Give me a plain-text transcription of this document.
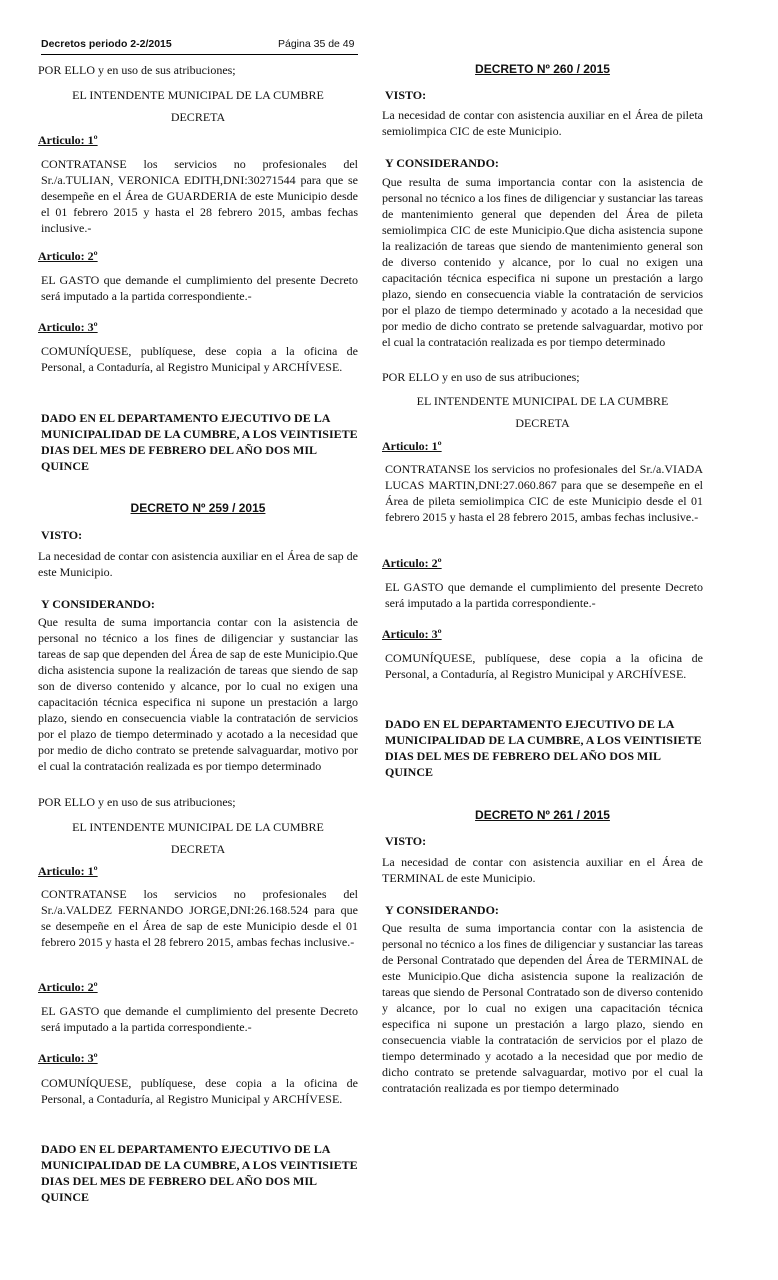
Decretos periodo 2-2/2015	Página 35 de 49
POR ELLO y en uso de sus atribuciones;
EL INTENDENTE MUNICIPAL DE LA CUMBRE
DECRETA
Articulo: 1º
CONTRATANSE los servicios no profesionales del Sr./a.TULIAN, VERONICA EDITH,DNI:30271544 para que se desempeñe en el Área de GUARDERIA de este Municipio desde el 01 febrero 2015 y hasta el 28 febrero 2015, ambas fechas inclusive.-
Articulo: 2º
EL GASTO que demande el cumplimiento del presente Decreto será imputado a la partida correspondiente.-
Articulo: 3º
COMUNÍQUESE, publíquese, dese copia a la oficina de Personal, a Contaduría, al Registro Municipal y ARCHÍVESE.
DADO EN EL DEPARTAMENTO EJECUTIVO DE LA MUNICIPALIDAD DE LA CUMBRE, A LOS VEINTISIETE DIAS DEL MES DE FEBRERO DEL AÑO DOS MIL QUINCE
DECRETO Nº 259 / 2015
VISTO:
La necesidad de contar con asistencia auxiliar en el Área de sap de este Municipio.
Y CONSIDERANDO:
Que resulta de suma importancia contar con la asistencia de personal no técnico a los fines de diligenciar y sustanciar las tareas de sap que dependen del Área de sap de este Municipio.Que dicha asistencia supone la realización de tareas que siendo de sap son de diverso contenido y alcance, por lo cual no exigen una capacitación técnica especifica ni supone un prestación a largo plazo, siendo en consecuencia viable la contratación de servicios por el plazo de tiempo determinado y acotado a la necesidad que por medio de dicho contrato se pretende salvaguardar, motivo por el cual la contratación realizada es por tiempo determinado
POR ELLO y en uso de sus atribuciones;
EL INTENDENTE MUNICIPAL DE LA CUMBRE
DECRETA
Articulo: 1º
CONTRATANSE los servicios no profesionales del Sr./a.VALDEZ FERNANDO JORGE,DNI:26.168.524 para que se desempeñe en el Área de sap de este Municipio desde el 01 febrero 2015 y hasta el 28 febrero 2015, ambas fechas inclusive.-
Articulo: 2º
EL GASTO que demande el cumplimiento del presente Decreto será imputado a la partida correspondiente.-
Articulo: 3º
COMUNÍQUESE, publíquese, dese copia a la oficina de Personal, a Contaduría, al Registro Municipal y ARCHÍVESE.
DADO EN EL DEPARTAMENTO EJECUTIVO DE LA MUNICIPALIDAD DE LA CUMBRE, A LOS VEINTISIETE DIAS DEL MES DE FEBRERO DEL AÑO DOS MIL QUINCE
DECRETO Nº 260 / 2015
VISTO:
La necesidad de contar con asistencia auxiliar en el Área de pileta semiolimpica CIC de este Municipio.
Y CONSIDERANDO:
Que resulta de suma importancia contar con la asistencia de personal no técnico a los fines de diligenciar y sustanciar las tareas de mantenimiento general que dependen del Área de pileta semiolimpica CIC de este Municipio.Que dicha asistencia supone la realización de tareas que siendo de mantenimiento general son de diverso contenido y alcance, por lo cual no exigen una capacitación técnica especifica ni supone un prestación a largo plazo, siendo en consecuencia viable la contratación de servicios por el plazo de tiempo determinado y acotado a la necesidad que por medio de dicho contrato se pretende salvaguardar, motivo por el cual la contratación realizada es por tiempo determinado
POR ELLO y en uso de sus atribuciones;
EL INTENDENTE MUNICIPAL DE LA CUMBRE
DECRETA
Articulo: 1º
CONTRATANSE los servicios no profesionales del Sr./a.VIADA LUCAS MARTIN,DNI:27.060.867 para que se desempeñe en el Área de pileta semiolimpica CIC de este Municipio desde el 01 febrero 2015 y hasta el 28 febrero 2015, ambas fechas inclusive.-
Articulo: 2º
EL GASTO que demande el cumplimiento del presente Decreto será imputado a la partida correspondiente.-
Articulo: 3º
COMUNÍQUESE, publíquese, dese copia a la oficina de Personal, a Contaduría, al Registro Municipal y ARCHÍVESE.
DADO EN EL DEPARTAMENTO EJECUTIVO DE LA MUNICIPALIDAD DE LA CUMBRE, A LOS VEINTISIETE DIAS DEL MES DE FEBRERO DEL AÑO DOS MIL QUINCE
DECRETO Nº 261 / 2015
VISTO:
La necesidad de contar con asistencia auxiliar en el Área de TERMINAL de este Municipio.
Y CONSIDERANDO:
Que resulta de suma importancia contar con la asistencia de personal no técnico a los fines de diligenciar y sustanciar las tareas de Personal Contratado que dependen del Área de TERMINAL de este Municipio.Que dicha asistencia supone la realización de tareas que siendo de Personal Contratado son de diverso contenido y alcance, por lo cual no exigen una capacitación técnica especifica ni supone un prestación a largo plazo, siendo en consecuencia viable la contratación de servicios por el plazo de tiempo determinado y acotado a la necesidad que por medio de dicho contrato se pretende salvaguardar, motivo por el cual la contratación realizada es por tiempo determinado
